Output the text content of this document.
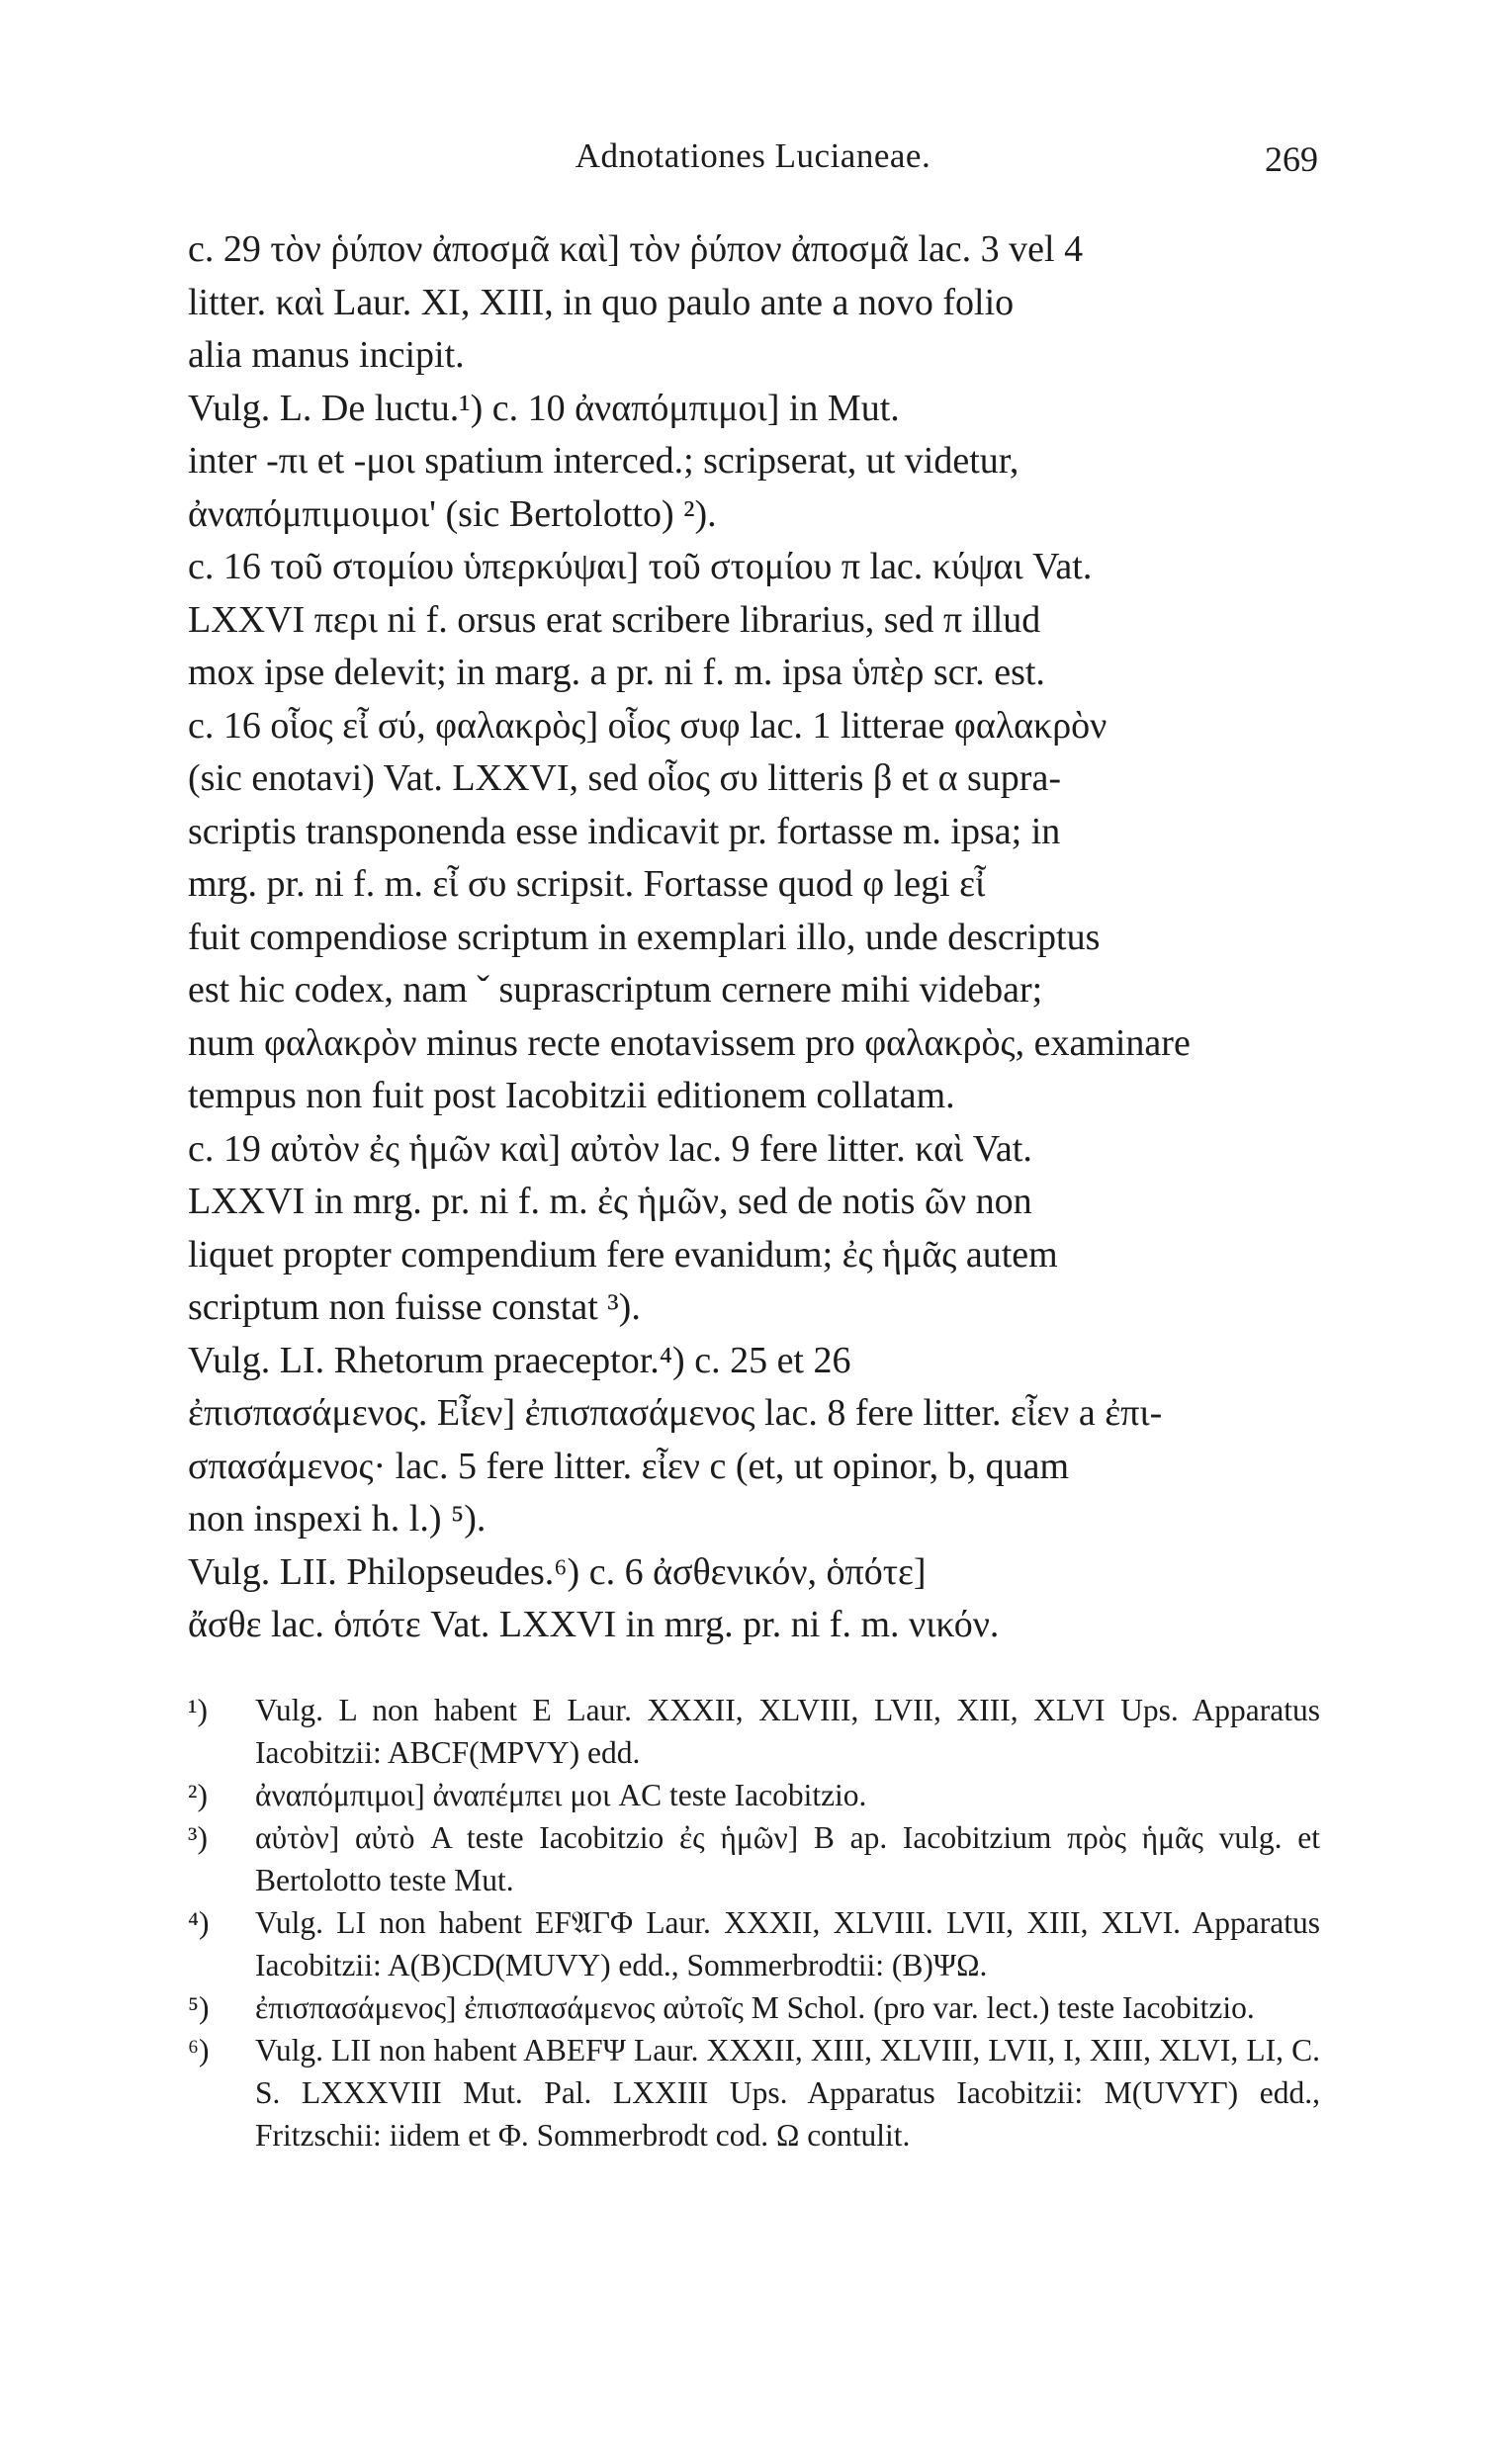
Adnotationes Lucianeae.	269

c. 29 τὸν ῥύπον ἀποσμᾶ καὶ] τὸν ῥύπον ἀποσμᾶ lac. 3 vel 4

litter. καὶ Laur. XI, XIII, in quo paulo ante a novo folio

alia manus incipit.

Vulg. L. De luctu.¹) c. 10 ἀναπόμπιμοι] in Mut.

inter -πι et -μοι spatium interced.; scripserat, ut videtur,

ἀναπόμπιμοιμοι' (sic Bertolotto) ²).

c. 16 τοῦ στομίου ὑπερκύψαι] τοῦ στομίου π lac. κύψαι Vat.

LXXVI περι ni f. orsus erat scribere librarius, sed π illud

mox ipse delevit; in marg. a pr. ni f. m. ipsa ὑπὲρ scr. est.

c. 16 οἷος εἶ σύ, φαλακρὸς] οἷος συφ lac. 1 litterae φαλακρὸν

(sic enotavi) Vat. LXXVI, sed οἷος συ litteris β et α supra-

scriptis transponenda esse indicavit pr. fortasse m. ipsa; in

mrg. pr. ni f. m. εἶ συ scripsit. Fortasse quod φ legi εἶ

fuit compendiose scriptum in exemplari illo, unde descriptus

est hic codex, nam ˇ suprascriptum cernere mihi videbar;

num φαλακρὸν minus recte enotavissem pro φαλακρὸς, examinare

tempus non fuit post Iacobitzii editionem collatam.

c. 19 αὐτὸν ἐς ἡμῶν καὶ] αὐτὸν lac. 9 fere litter. καὶ Vat.

LXXVI in mrg. pr. ni f. m. ἐς ἡμῶν, sed de notis ῶν non

liquet propter compendium fere evanidum; ἐς ἡμᾶς autem

scriptum non fuisse constat ³).

Vulg. LI. Rhetorum praeceptor.⁴) c. 25 et 26

ἐπισπασάμενος. Εἶεν] ἐπισπασάμενος lac. 8 fere litter. εἶεν a ἐπι-

σπασάμενος· lac. 5 fere litter. εἶεν c (et, ut opinor, b, quam

non inspexi h. l.) ⁵).

Vulg. LII. Philopseudes.⁶) c. 6 ἀσθενικόν, ὁπότε]

ἄσθε lac. ὁπότε Vat. LXXVI in mrg. pr. ni f. m. νικόν.

¹) Vulg. L non habent E Laur. XXXII, XLVIII, LVII, XIII, XLVI Ups. Apparatus Iacobitzii: ABCF(MPVY) edd.
²) ἀναπόμπιμοι] ἀναπέμπει μοι AC teste Iacobitzio.
³) αὐτὸν] αὐτὸ A teste Iacobitzio ἐς ἡμῶν] B ap. Iacobitzium πρὸς ἡμᾶς vulg. et Bertolotto teste Mut.
⁴) Vulg. LI non habent EF𝔄ΓΦ Laur. XXXII, XLVIII. LVII, XIII, XLVI. Apparatus Iacobitzii: A(B)CD(MUVY) edd., Sommerbrodtii: (B)ΨΩ.
⁵) ἐπισπασάμενος] ἐπισπασάμενος αὐτοῖς M Schol. (pro var. lect.) teste Iacobitzio.
⁶) Vulg. LII non habent ABEFΨ Laur. XXXII, XIII, XLVIII, LVII, I, XIII, XLVI, LI, C. S. LXXXVIII Mut. Pal. LXXIII Ups. Apparatus Iacobitzii: M(UVYΓ) edd., Fritzschii: iidem et Φ. Sommerbrodt cod. Ω contulit.
